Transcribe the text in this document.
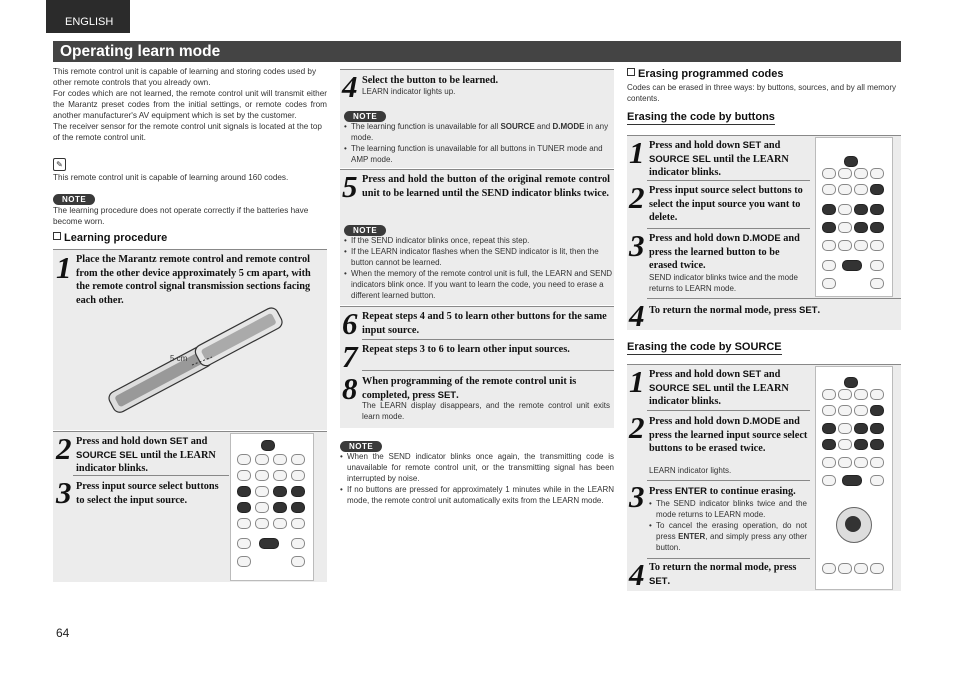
ENGLISH
Operating learn mode
This remote control unit is capable of learning and storing codes used by other remote controls that you already own.
For codes which are not learned, the remote control unit will transmit either the Marantz preset codes from the initial settings, or remote codes from another manufacturer's AV equipment which is set by the customer.
The receiver sensor for the remote control unit signals is located at the top of the remote control unit.
✎
This remote control unit is capable of learning around 160 codes.
NOTE
The learning procedure does not operate correctly if the batteries have become worn.
Learning procedure
1 Place the Marantz remote control and remote control from the other device approximately 5 cm apart, with the remote control signal transmission sections facing each other.
5 cm
2 Press and hold down SET and SOURCE SEL until the LEARN indicator blinks.
3 Press input source select buttons to select the input source.
4 Select the button to be learned.
LEARN indicator lights up.
NOTE
• The learning function is unavailable for all SOURCE and D.MODE in any mode.
• The learning function is unavailable for all buttons in TUNER mode and AMP mode.
5 Press and hold the button of the original remote control unit to be learned until the SEND indicator blinks twice.
NOTE
• If the SEND indicator blinks once, repeat this step.
• If the LEARN indicator flashes when the SEND indicator is lit, then the button cannot be learned.
• When the memory of the remote control unit is full, the LEARN and SEND indicators blink once. If you want to learn the code, you need to erase a different learned button.
6 Repeat steps 4 and 5 to learn other buttons for the same input source.
7 Repeat steps 3 to 6 to learn other input sources.
8 When programming of the remote control unit is completed, press SET.
The LEARN display disappears, and the remote control unit exits learn mode.
NOTE
• When the SEND indicator blinks once again, the transmitting code is unavailable for remote control unit, or the transmitting signal has been interrupted by noise.
• If no buttons are pressed for approximately 1 minutes while in the LEARN mode, the remote control unit automatically exits from the LEARN mode.
Erasing programmed codes
Codes can be erased in three ways: by buttons, sources, and by all memory contents.
Erasing the code by buttons
1 Press and hold down SET and SOURCE SEL until the LEARN indicator blinks.
2 Press input source select buttons to select the input source you want to delete.
3 Press and hold down D.MODE and press the learned button to be erased twice.
SEND indicator blinks twice and the mode returns to LEARN mode.
4 To return the normal mode, press SET.
Erasing the code by SOURCE
1 Press and hold down SET and SOURCE SEL until the LEARN indicator blinks.
2 Press and hold down D.MODE and press the learned input source select buttons to be erased twice.
LEARN indicator lights.
3 Press ENTER to continue erasing.
• The SEND indicator blinks twice and the mode returns to LEARN mode.
• To cancel the erasing operation, do not press ENTER, and simply press any other button.
4 To return the normal mode, press SET.
64
